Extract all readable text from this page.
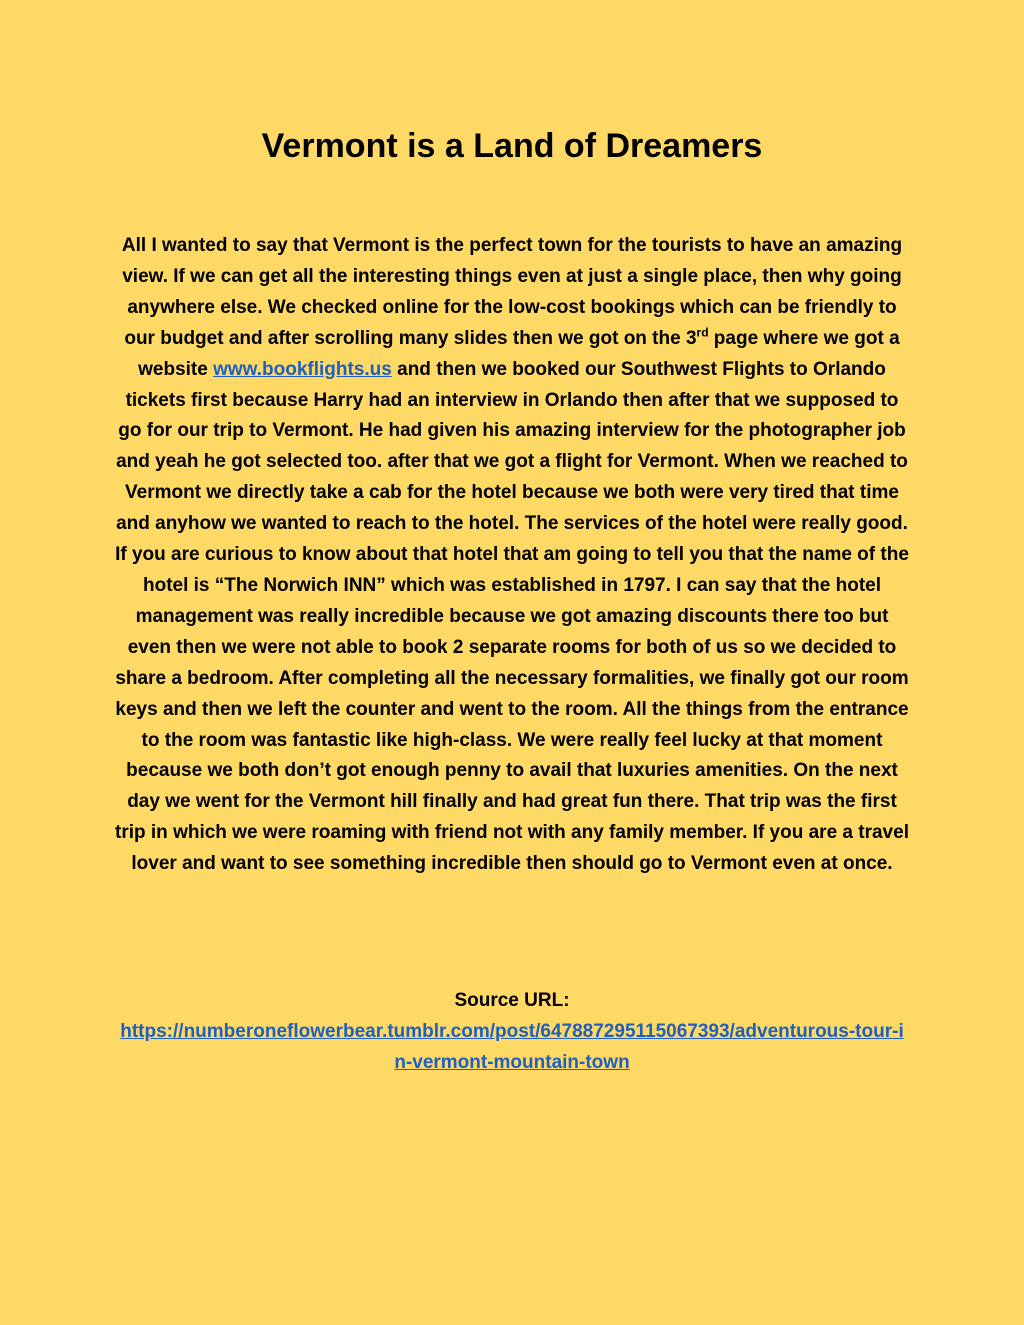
Vermont is a Land of Dreamers

All I wanted to say that Vermont is the perfect town for the tourists to have an amazing view. If we can get all the interesting things even at just a single place, then why going anywhere else. We checked online for the low-cost bookings which can be friendly to our budget and after scrolling many slides then we got on the 3rd page where we got a website www.bookflights.us and then we booked our Southwest Flights to Orlando tickets first because Harry had an interview in Orlando then after that we supposed to go for our trip to Vermont. He had given his amazing interview for the photographer job and yeah he got selected too. after that we got a flight for Vermont. When we reached to Vermont we directly take a cab for the hotel because we both were very tired that time and anyhow we wanted to reach to the hotel. The services of the hotel were really good. If you are curious to know about that hotel that am going to tell you that the name of the hotel is “The Norwich INN” which was established in 1797. I can say that the hotel management was really incredible because we got amazing discounts there too but even then we were not able to book 2 separate rooms for both of us so we decided to share a bedroom. After completing all the necessary formalities, we finally got our room keys and then we left the counter and went to the room. All the things from the entrance to the room was fantastic like high-class. We were really feel lucky at that moment because we both don’t got enough penny to avail that luxuries amenities. On the next day we went for the Vermont hill finally and had great fun there. That trip was the first trip in which we were roaming with friend not with any family member. If you are a travel lover and want to see something incredible then should go to Vermont even at once.

Source URL:
https://numberoneflowerbear.tumblr.com/post/647887295115067393/adventurous-tour-in-vermont-mountain-town
